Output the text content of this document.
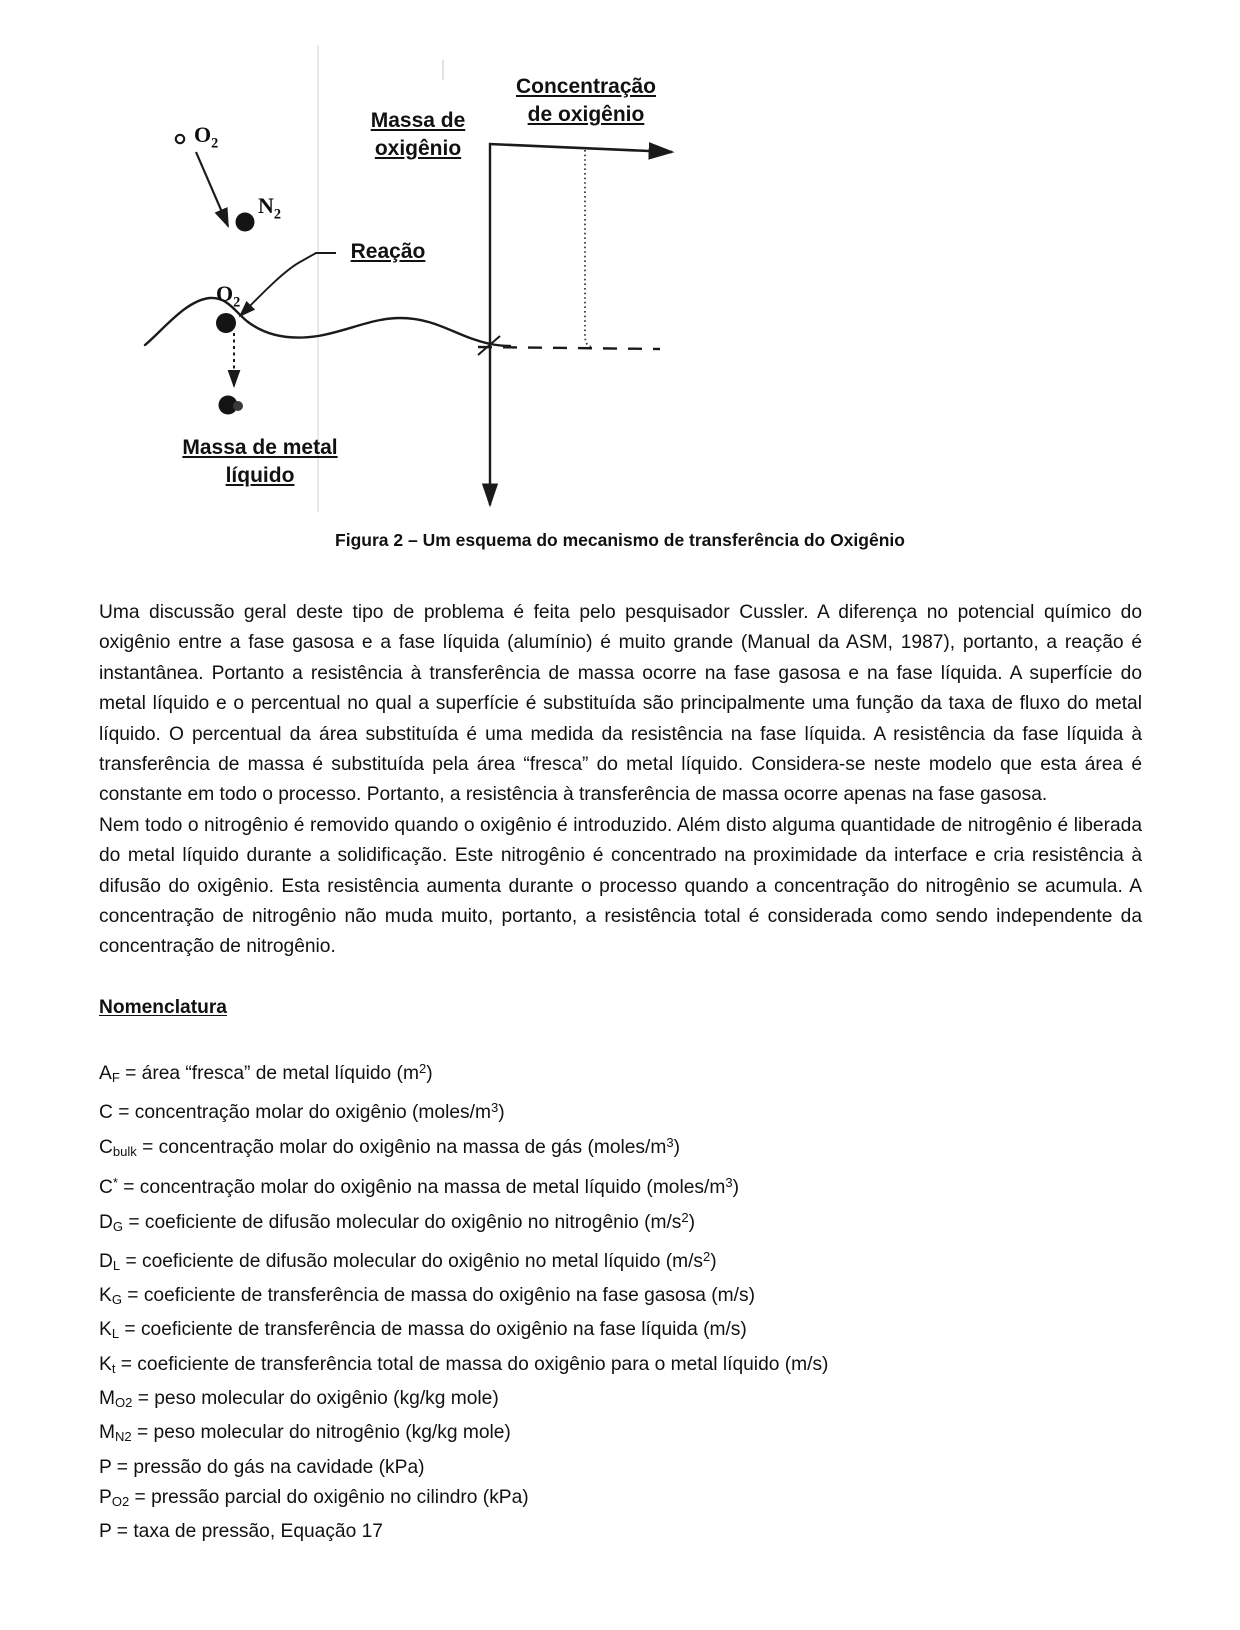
$O_2$
$N_2$
$O_2$
Massa de
oxigênio
Concentração
de oxigênio
Reação
Massa de metal
líquido
Figura 2 – Um esquema do mecanismo de transferência do Oxigênio

Uma discussão geral deste tipo de problema é feita pelo pesquisador Cussler. A diferença no potencial químico do oxigênio entre a fase gasosa e a fase líquida (alumínio) é muito grande (Manual da ASM, 1987), portanto, a reação é instantânea. Portanto a resistência à transferência de massa ocorre na fase gasosa e na fase líquida. A superfície do metal líquido e o percentual no qual a superfície é substituída são principalmente uma função da taxa de fluxo do metal líquido. O percentual da área substituída é uma medida da resistência na fase líquida. A resistência da fase líquida à transferência de massa é substituída pela área “fresca” do metal líquido. Considera-se neste modelo que esta área é constante em todo o processo. Portanto, a resistência à transferência de massa ocorre apenas na fase gasosa.

Nem todo o nitrogênio é removido quando o oxigênio é introduzido. Além disto alguma quantidade de nitrogênio é liberada do metal líquido durante a solidificação. Este nitrogênio é concentrado na proximidade da interface e cria resistência à difusão do oxigênio. Esta resistência aumenta durante o processo quando a concentração do nitrogênio se acumula. A concentração de nitrogênio não muda muito, portanto, a resistência total é considerada como sendo independente da concentração de nitrogênio.

Nomenclatura
$A_F$ = área “fresca” de metal líquido $(m^2)$
C = concentração molar do oxigênio $(moles/m^3)$
$C_{bulk}$ = concentração molar do oxigênio na massa de gás $(moles/m^3)$
C* = concentração molar do oxigênio na massa de metal líquido $(moles/m^3)$
$D_G$ = coeficiente de difusão molecular do oxigênio no nitrogênio $(m/s^2)$
$D_L$ = coeficiente de difusão molecular do oxigênio no metal líquido $(m/s^2)$
$K_G$ = coeficiente de transferência de massa do oxigênio na fase gasosa (m/s)
$K_L$ = coeficiente de transferência de massa do oxigênio na fase líquida (m/s)
$K_t$ = coeficiente de transferência total de massa do oxigênio para o metal líquido (m/s)
$M_{O2}$ = peso molecular do oxigênio (kg/kg mole)
$M_{N2}$ = peso molecular do nitrogênio (kg/kg mole)
P = pressão do gás na cavidade (kPa)
$P_{O2}$ = pressão parcial do oxigênio no cilindro (kPa)
P = taxa de pressão, Equação 17
